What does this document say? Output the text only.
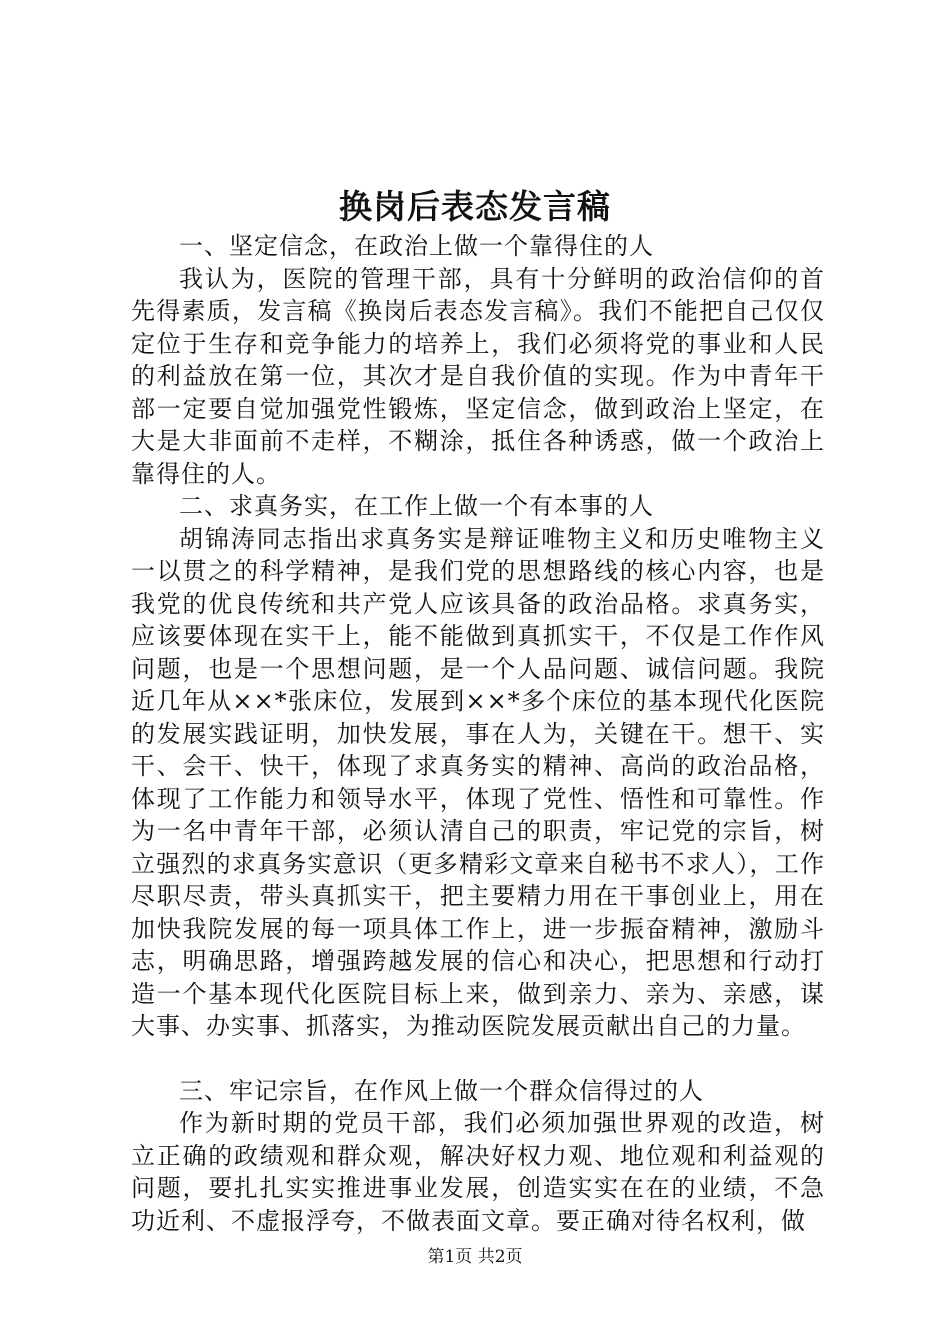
换岗后表态发言稿

一、坚定信念，在政治上做一个靠得住的人

我认为，医院的管理干部，具有十分鲜明的政治信仰的首先得素质，发言稿《换岗后表态发言稿》。我们不能把自己仅仅定位于生存和竞争能力的培养上，我们必须将党的事业和人民的利益放在第一位，其次才是自我价值的实现。作为中青年干部一定要自觉加强党性锻炼，坚定信念，做到政治上坚定，在大是大非面前不走样，不糊涂，抵住各种诱惑，做一个政治上靠得住的人。

二、求真务实，在工作上做一个有本事的人

胡锦涛同志指出求真务实是辩证唯物主义和历史唯物主义一以贯之的科学精神，是我们党的思想路线的核心内容，也是我党的优良传统和共产党人应该具备的政治品格。求真务实，应该要体现在实干上，能不能做到真抓实干，不仅是工作作风问题，也是一个思想问题，是一个人品问题、诚信问题。我院近几年从××*张床位，发展到××*多个床位的基本现代化医院的发展实践证明，加快发展，事在人为，关键在干。想干、实干、会干、快干，体现了求真务实的精神、高尚的政治品格，体现了工作能力和领导水平，体现了党性、悟性和可靠性。作为一名中青年干部，必须认清自己的职责，牢记党的宗旨，树立强烈的求真务实意识（更多精彩文章来自秘书不求人），工作尽职尽责，带头真抓实干，把主要精力用在干事创业上，用在加快我院发展的每一项具体工作上，进一步振奋精神，激励斗志，明确思路，增强跨越发展的信心和决心，把思想和行动打造一个基本现代化医院目标上来，做到亲力、亲为、亲感，谋大事、办实事、抓落实，为推动医院发展贡献出自己的力量。

三、牢记宗旨，在作风上做一个群众信得过的人

作为新时期的党员干部，我们必须加强世界观的改造，树立正确的政绩观和群众观，解决好权力观、地位观和利益观的问题，要扎扎实实推进事业发展，创造实实在在的业绩，不急功近利、不虚报浮夸，不做表面文章。要正确对待名权利，做

第1页 共2页
